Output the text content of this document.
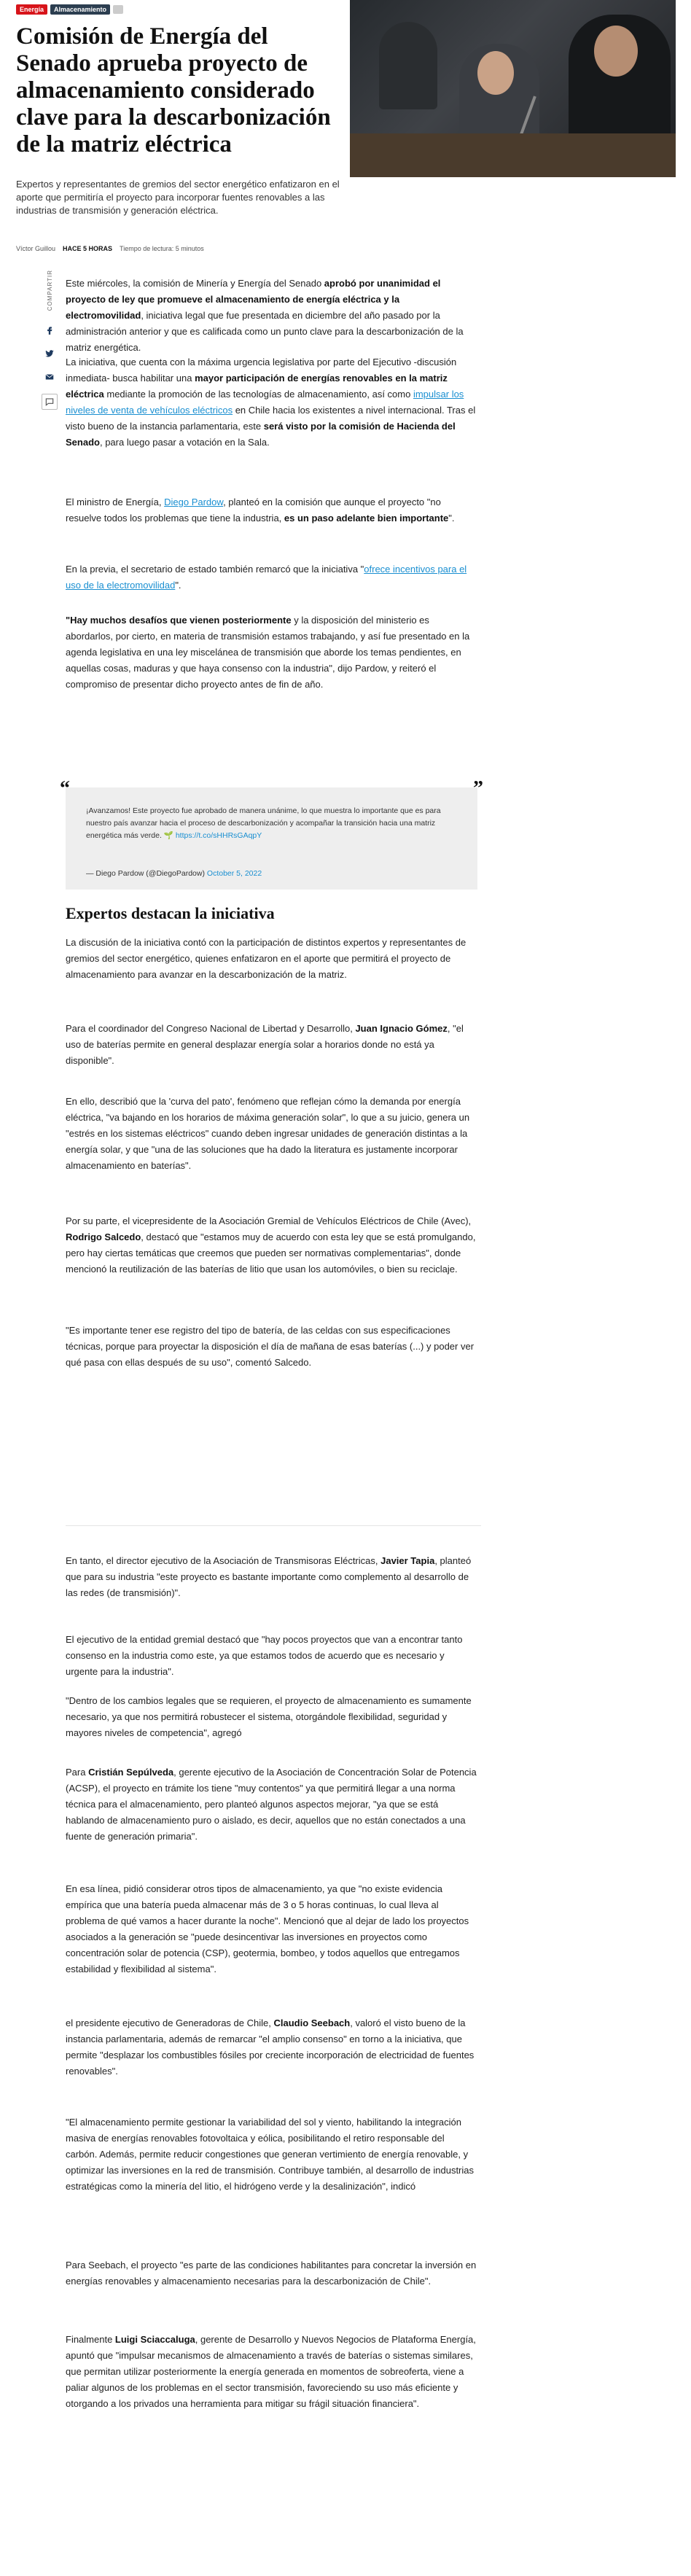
Energía	Almacenamiento
Comisión de Energía del Senado aprueba proyecto de almacenamiento considerado clave para la descarbonización de la matriz eléctrica

Expertos y representantes de gremios del sector energético enfatizaron en el aporte que permitiría el proyecto para incorporar fuentes renovables a las industrias de transmisión y generación eléctrica.

Víctor Guillou HACE 5 HORAS Tiempo de lectura: 5 minutos
COMPARTIR Este miércoles, la comisión de Minería y Energía del Senado aprobó por unanimidad el proyecto de ley que promueve el almacenamiento de energía eléctrica y la electromovilidad, iniciativa legal que fue presentada en diciembre del año pasado por la administración anterior y que es calificada como un punto clave para la descarbonización de la matriz energética.

La iniciativa, que cuenta con la máxima urgencia legislativa por parte del Ejecutivo -discusión inmediata- busca habilitar una mayor participación de energías renovables en la matriz eléctrica mediante la promoción de las tecnologías de almacenamiento, así como impulsar los niveles de venta de vehículos eléctricos en Chile hacia los existentes a nivel internacional. Tras el visto bueno de la instancia parlamentaria, este será visto por la comisión de Hacienda del Senado, para luego pasar a votación en la Sala.

El ministro de Energía, Diego Pardow, planteó en la comisión que aunque el proyecto "no resuelve todos los problemas que tiene la industria, es un paso adelante bien importante".

En la previa, el secretario de estado también remarcó que la iniciativa "ofrece incentivos para el uso de la electromovilidad".

"Hay muchos desafíos que vienen posteriormente y la disposición del ministerio es abordarlos, por cierto, en materia de transmisión estamos trabajando, y así fue presentado en la agenda legislativa en una ley miscelánea de transmisión que aborde los temas pendientes, en aquellas cosas, maduras y que haya consenso con la industria", dijo Pardow, y reiteró el compromiso de presentar dicho proyecto antes de fin de año.

“	”

¡Avanzamos! Este proyecto fue aprobado de manera unánime, lo que muestra lo importante que es para nuestro país avanzar hacia el proceso de descarbonización y acompañar la transición hacia una matriz energética más verde. 🌱 https://t.co/sHHRsGAqpY

— Diego Pardow (@DiegoPardow) October 5, 2022

Expertos destacan la iniciativa

La discusión de la iniciativa contó con la participación de distintos expertos y representantes de gremios del sector energético, quienes enfatizaron en el aporte que permitirá el proyecto de almacenamiento para avanzar en la descarbonización de la matriz.

Para el coordinador del Congreso Nacional de Libertad y Desarrollo, Juan Ignacio Gómez, "el uso de baterías permite en general desplazar energía solar a horarios donde no está ya disponible".

En ello, describió que la 'curva del pato', fenómeno que reflejan cómo la demanda por energía eléctrica, "va bajando en los horarios de máxima generación solar", lo que a su juicio, genera un "estrés en los sistemas eléctricos" cuando deben ingresar unidades de generación distintas a la energía solar, y que "una de las soluciones que ha dado la literatura es justamente incorporar almacenamiento en baterías".

Por su parte, el vicepresidente de la Asociación Gremial de Vehículos Eléctricos de Chile (Avec), Rodrigo Salcedo, destacó que "estamos muy de acuerdo con esta ley que se está promulgando, pero hay ciertas temáticas que creemos que pueden ser normativas complementarias", donde mencionó la reutilización de las baterías de litio que usan los automóviles, o bien su reciclaje.

"Es importante tener ese registro del tipo de batería, de las celdas con sus especificaciones técnicas, porque para proyectar la disposición el día de mañana de esas baterías (...) y poder ver qué pasa con ellas después de su uso", comentó Salcedo.

En tanto, el director ejecutivo de la Asociación de Transmisoras Eléctricas, Javier Tapia, planteó que para su industria "este proyecto es bastante importante como complemento al desarrollo de las redes (de transmisión)".

El ejecutivo de la entidad gremial destacó que "hay pocos proyectos que van a encontrar tanto consenso en la industria como este, ya que estamos todos de acuerdo que es necesario y urgente para la industria".

"Dentro de los cambios legales que se requieren, el proyecto de almacenamiento es sumamente necesario, ya que nos permitirá robustecer el sistema, otorgándole flexibilidad, seguridad y mayores niveles de competencia", agregó

Para Cristián Sepúlveda, gerente ejecutivo de la Asociación de Concentración Solar de Potencia (ACSP), el proyecto en trámite los tiene "muy contentos" ya que permitirá llegar a una norma técnica para el almacenamiento, pero planteó algunos aspectos mejorar, "ya que se está hablando de almacenamiento puro o aislado, es decir, aquellos que no están conectados a una fuente de generación primaria".

En esa línea, pidió considerar otros tipos de almacenamiento, ya que "no existe evidencia empírica que una batería pueda almacenar más de 3 o 5 horas continuas, lo cual lleva al problema de qué vamos a hacer durante la noche". Mencionó que al dejar de lado los proyectos asociados a la generación se "puede desincentivar las inversiones en proyectos como concentración solar de potencia (CSP), geotermia, bombeo, y todos aquellos que entregamos estabilidad y flexibilidad al sistema".

el presidente ejecutivo de Generadoras de Chile, Claudio Seebach, valoró el visto bueno de la instancia parlamentaria, además de remarcar "el amplio consenso" en torno a la iniciativa, que permite "desplazar los combustibles fósiles por creciente incorporación de electricidad de fuentes renovables".

"El almacenamiento permite gestionar la variabilidad del sol y viento, habilitando la integración masiva de energías renovables fotovoltaica y eólica, posibilitando el retiro responsable del carbón. Además, permite reducir congestiones que generan vertimiento de energía renovable, y optimizar las inversiones en la red de transmisión. Contribuye también, al desarrollo de industrias estratégicas como la minería del litio, el hidrógeno verde y la desalinización", indicó

Para Seebach, el proyecto "es parte de las condiciones habilitantes para concretar la inversión en energías renovables y almacenamiento necesarias para la descarbonización de Chile".

Finalmente Luigi Sciaccaluga, gerente de Desarrollo y Nuevos Negocios de Plataforma Energía, apuntó que "impulsar mecanismos de almacenamiento a través de baterías o sistemas similares, que permitan utilizar posteriormente la energía generada en momentos de sobreoferta, viene a paliar algunos de los problemas en el sector transmisión, favoreciendo su uso más eficiente y otorgando a los privados una herramienta para mitigar su frágil situación financiera".
